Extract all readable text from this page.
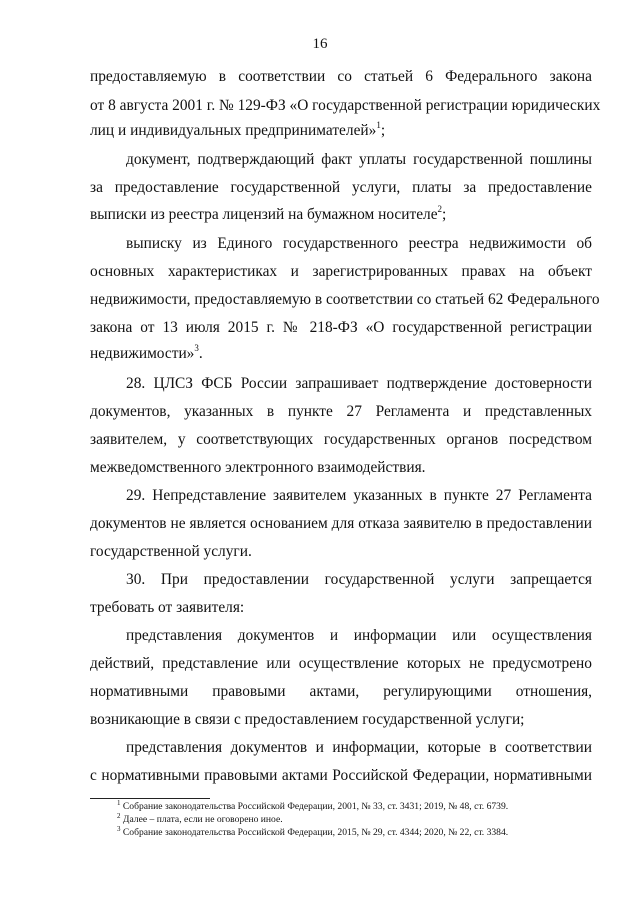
16
предоставляемую в соответствии со статьей 6 Федерального закона
от 8 августа 2001 г. № 129-ФЗ «О государственной регистрации юридических
лиц и индивидуальных предпринимателей»$^1$;
документ, подтверждающий факт уплаты государственной пошлины
за предоставление государственной услуги, платы за предоставление
выписки из реестра лицензий на бумажном носителе$^2$;
выписку из Единого государственного реестра недвижимости об
основных характеристиках и зарегистрированных правах на объект
недвижимости, предоставляемую в соответствии со статьей 62 Федерального
закона от 13 июля 2015 г. № 218-ФЗ «О государственной регистрации
недвижимости»$^3$.
28. ЦЛСЗ ФСБ России запрашивает подтверждение достоверности
документов, указанных в пункте 27 Регламента и представленных
заявителем, у соответствующих государственных органов посредством
межведомственного электронного взаимодействия.
29. Непредставление заявителем указанных в пункте 27 Регламента
документов не является основанием для отказа заявителю в предоставлении
государственной услуги.
30. При предоставлении государственной услуги запрещается
требовать от заявителя:
представления документов и информации или осуществления
действий, представление или осуществление которых не предусмотрено
нормативными правовыми актами, регулирующими отношения,
возникающие в связи с предоставлением государственной услуги;
представления документов и информации, которые в соответствии
с нормативными правовыми актами Российской Федерации, нормативными
$^1$ Собрание законодательства Российской Федерации, 2001, № 33, ст. 3431; 2019, № 48, ст. 6739.
$^2$ Далее – плата, если не оговорено иное.
$^3$ Собрание законодательства Российской Федерации, 2015, № 29, ст. 4344; 2020, № 22, ст. 3384.
